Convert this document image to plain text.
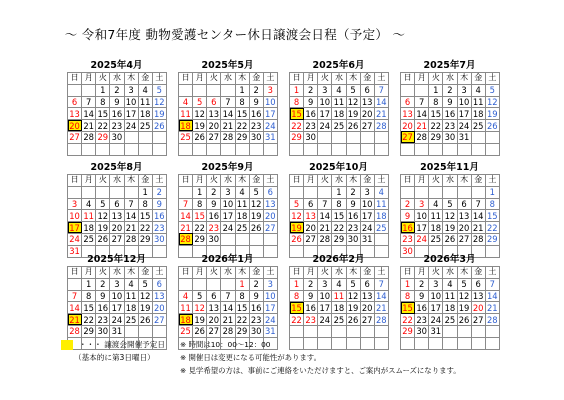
～ 令和7年度 動物愛護センター休日譲渡会日程（予定） ～
2025年4月
日	月	火	水	木	金	土
		1	2	3	4	5
6	7	8	9	10	11	12
13	14	15	16	17	18	19
20	21	22	23	24	25	26
27	28	29	30			

2025年5月
日	月	火	水	木	金	土
				1	2	3
4	5	6	7	8	9	10
11	12	13	14	15	16	17
18	19	20	21	22	23	24
25	26	27	28	29	30	31

2025年6月
日	月	火	水	木	金	土
1	2	3	4	5	6	7
8	9	10	11	12	13	14
15	16	17	18	19	20	21
22	23	24	25	26	27	28
29	30					

2025年7月
日	月	火	水	木	金	土
		1	2	3	4	5
6	7	8	9	10	11	12
13	14	15	16	17	18	19
20	21	22	23	24	25	26
27	28	29	30	31		

2025年8月
日	月	火	水	木	金	土
					1	2
3	4	5	6	7	8	9
10	11	12	13	14	15	16
17	18	19	20	21	22	23
24	25	26	27	28	29	30
31						
2025年9月
日	月	火	水	木	金	土
	1	2	3	4	5	6
7	8	9	10	11	12	13
14	15	16	17	18	19	20
21	22	23	24	25	26	27
28	29	30				

2025年10月
日	月	火	水	木	金	土
			1	2	3	4
5	6	7	8	9	10	11
12	13	14	15	16	17	18
19	20	21	22	23	24	25
26	27	28	29	30	31	

2025年11月
日	月	火	水	木	金	土
						1
2	3	4	5	6	7	8
9	10	11	12	13	14	15
16	17	18	19	20	21	22
23	24	25	26	27	28	29
30						
2025年12月
日	月	火	水	木	金	土
	1	2	3	4	5	6
7	8	9	10	11	12	13
14	15	16	17	18	19	20
21	22	23	24	25	26	27
28	29	30	31			

2026年1月
日	月	火	水	木	金	土
				1	2	3
4	5	6	7	8	9	10
11	12	13	14	15	16	17
18	19	20	21	22	23	24
25	26	27	28	29	30	31

2026年2月
日	月	火	水	木	金	土
1	2	3	4	5	6	7
8	9	10	11	12	13	14
15	16	17	18	19	20	21
22	23	24	25	26	27	28

2026年3月
日	月	火	水	木	金	土
1	2	3	4	5	6	7
8	9	10	11	12	13	14
15	16	17	18	19	20	21
22	23	24	25	26	27	28
29	30	31				

・・・ 譲渡会開催予定日
（基本的に第3日曜日）
※ 時間は10：00～12：00
※ 開催日は変更になる可能性があります。
※ 見学希望の方は、事前にご連絡をいただけますと、ご案内がスムーズになります。
